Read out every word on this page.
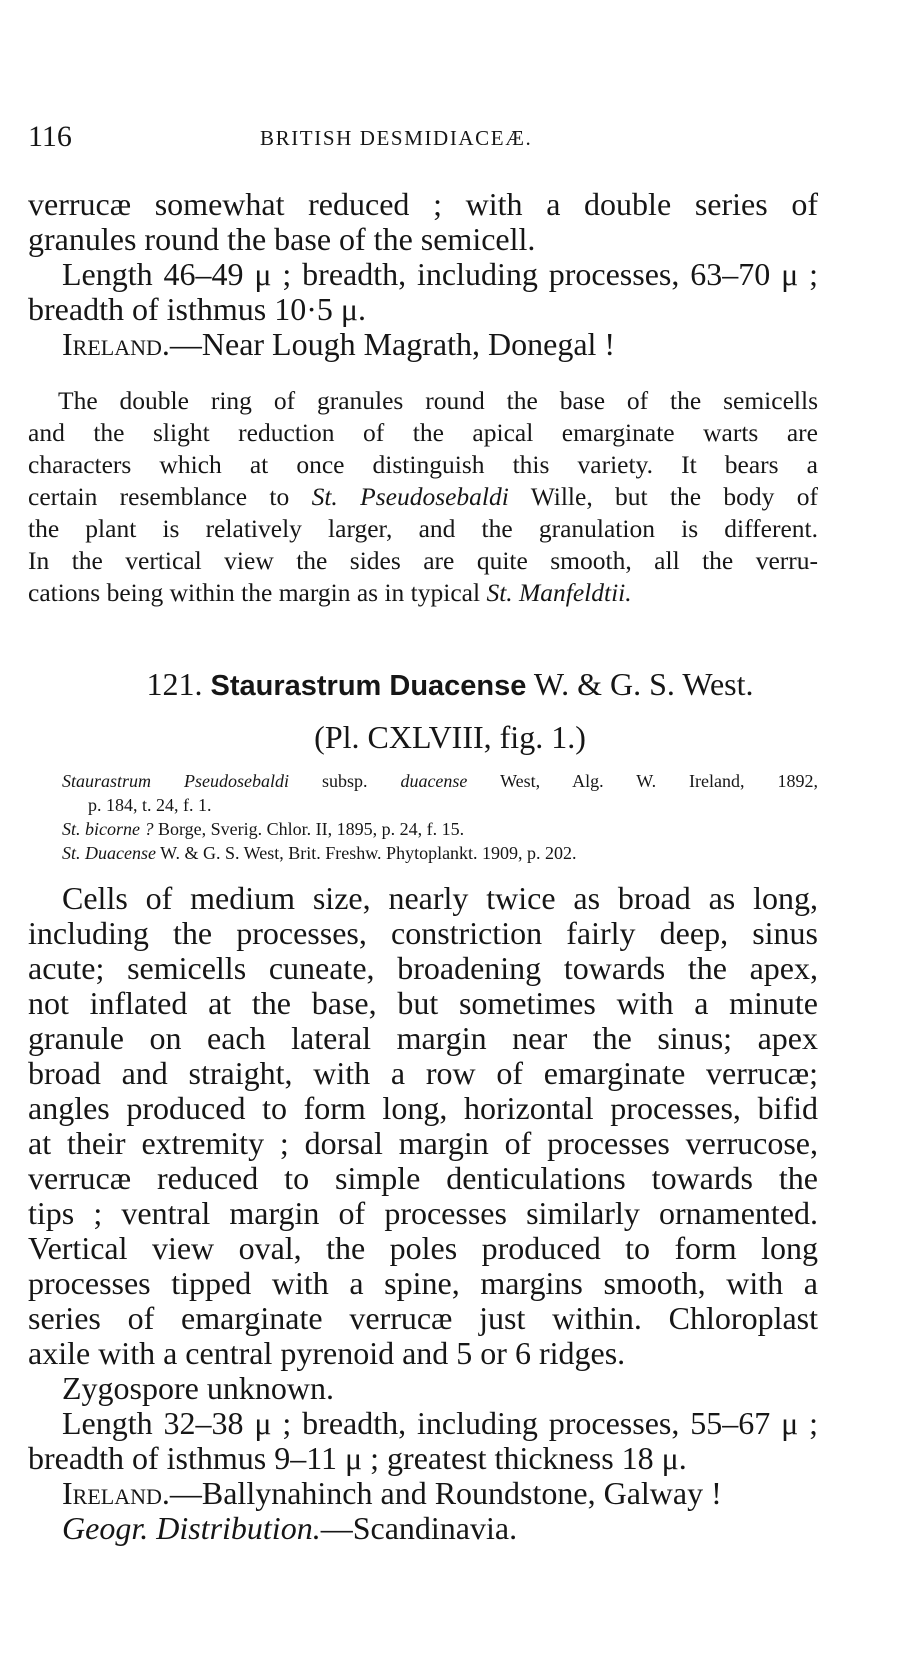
116	BRITISH DESMIDIACEÆ.
verrucæ somewhat reduced ; with a double series of
granules round the base of the semicell.
Length 46–49 μ ; breadth, including processes, 63–70 μ ;
breadth of isthmus 10·5 μ.
Ireland.—Near Lough Magrath, Donegal !
The double ring of granules round the base of the semicells
and the slight reduction of the apical emarginate warts are
characters which at once distinguish this variety. It bears a
certain resemblance to St. Pseudosebaldi Wille, but the body of
the plant is relatively larger, and the granulation is different.
In the vertical view the sides are quite smooth, all the verru-
cations being within the margin as in typical St. Manfeldtii.
121. Staurastrum Duacense W. & G. S. West.
(Pl. CXLVIII, fig. 1.)
Staurastrum Pseudosebaldi subsp. duacense West, Alg. W. Ireland, 1892,
p. 184, t. 24, f. 1.
St. bicorne ? Borge, Sverig. Chlor. II, 1895, p. 24, f. 15.
St. Duacense W. & G. S. West, Brit. Freshw. Phytoplankt. 1909, p. 202.
Cells of medium size, nearly twice as broad as long,
including the processes, constriction fairly deep, sinus
acute; semicells cuneate, broadening towards the apex,
not inflated at the base, but sometimes with a minute
granule on each lateral margin near the sinus; apex
broad and straight, with a row of emarginate verrucæ;
angles produced to form long, horizontal processes, bifid
at their extremity ; dorsal margin of processes verrucose,
verrucæ reduced to simple denticulations towards the
tips ; ventral margin of processes similarly ornamented.
Vertical view oval, the poles produced to form long
processes tipped with a spine, margins smooth, with a
series of emarginate verrucæ just within. Chloroplast
axile with a central pyrenoid and 5 or 6 ridges.
Zygospore unknown.
Length 32–38 μ ; breadth, including processes, 55–67 μ ;
breadth of isthmus 9–11 μ ; greatest thickness 18 μ.
Ireland.—Ballynahinch and Roundstone, Galway !
Geogr. Distribution.—Scandinavia.
